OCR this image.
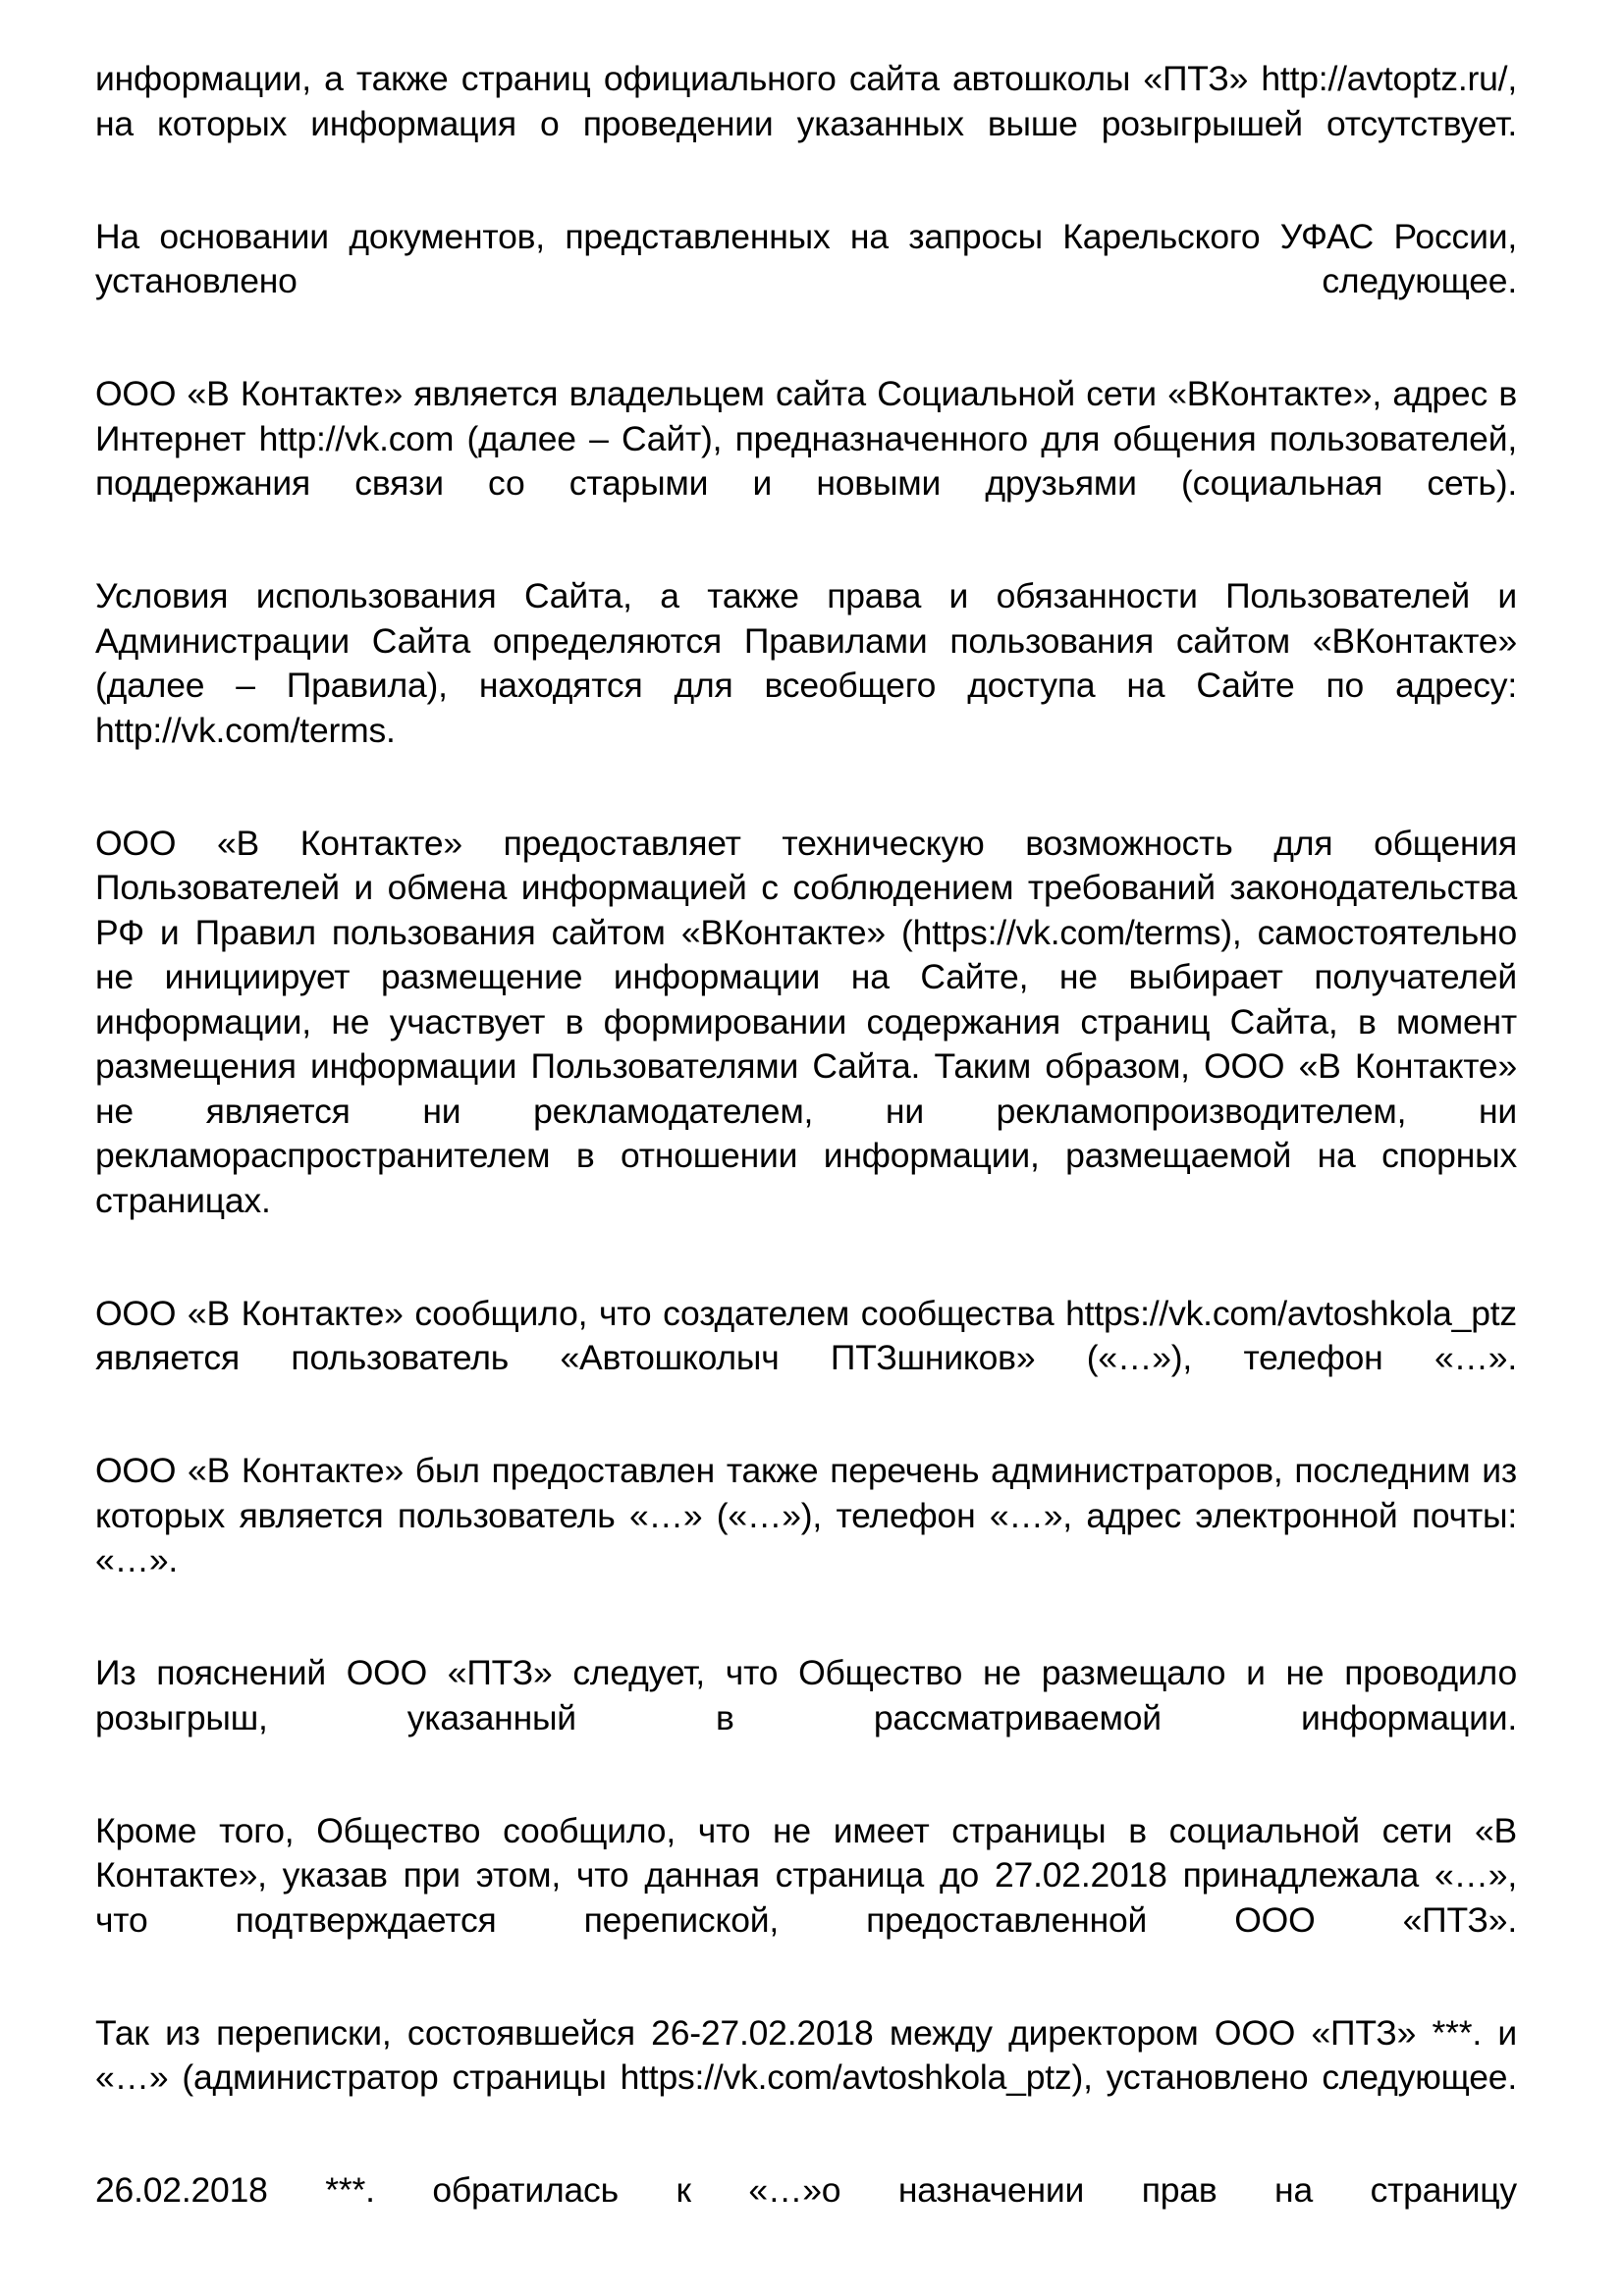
информации, а также страниц официального сайта автошколы «ПТЗ» http://avtoptz.ru/, на которых информация о проведении указанных выше розыгрышей отсутствует.

На основании документов, представленных на запросы Карельского УФАС России, установлено следующее.

ООО «В Контакте» является владельцем сайта Социальной сети «ВКонтакте», адрес в Интернет http://vk.com (далее – Сайт), предназначенного для общения пользователей, поддержания связи со старыми и новыми друзьями (социальная сеть).

Условия использования Сайта, а также права и обязанности Пользователей и Администрации Сайта определяются Правилами пользования сайтом «ВКонтакте» (далее – Правила), находятся для всеобщего доступа на Сайте по адресу: http://vk.com/terms.

ООО «В Контакте» предоставляет техническую возможность для общения Пользователей и обмена информацией с соблюдением требований законодательства РФ и Правил пользования сайтом «ВКонтакте» (https://vk.com/terms), самостоятельно не инициирует размещение информации на Сайте, не выбирает получателей информации, не участвует в формировании содержания страниц Сайта, в момент размещения информации Пользователями Сайта. Таким образом, ООО «В Контакте» не является ни рекламодателем, ни рекламопроизводителем, ни рекламораспространителем в отношении информации, размещаемой на спорных страницах.

ООО «В Контакте» сообщило, что создателем сообщества https://vk.com/avtoshkola_ptz является пользователь «Автошколыч ПТЗшников» («…»), телефон «…».

ООО «В Контакте» был предоставлен также перечень администраторов, последним из которых является пользователь «…» («…»), телефон «…», адрес электронной почты: «…».

Из пояснений ООО «ПТЗ» следует, что Общество не размещало и не проводило розыгрыш, указанный в рассматриваемой информации.

Кроме того, Общество сообщило, что не имеет страницы в социальной сети «В Контакте», указав при этом, что данная страница до 27.02.2018 принадлежала «…», что подтверждается перепиской, предоставленной ООО «ПТЗ».

Так из переписки, состоявшейся 26-27.02.2018 между директором ООО «ПТЗ» ***. и «…» (администратор страницы https://vk.com/avtoshkola_ptz), установлено следующее.

26.02.2018 ***. обратилась к «…»о назначении прав на страницу
